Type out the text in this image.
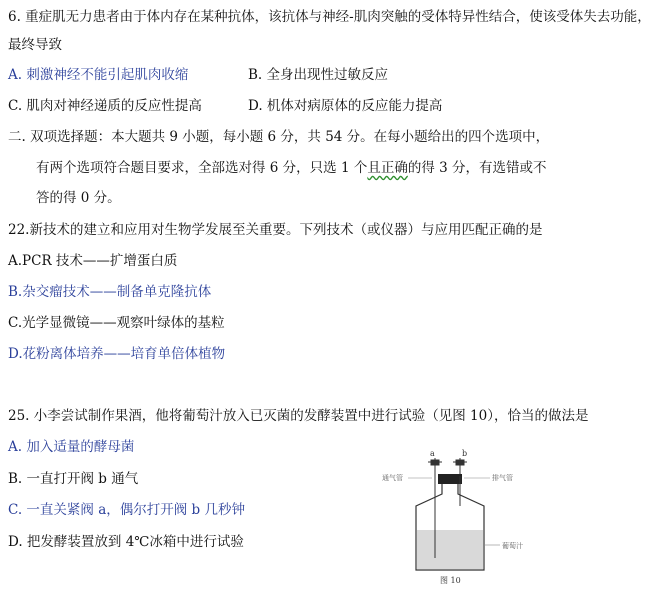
6. 重症肌无力患者由于体内存在某种抗体，该抗体与神经-肌肉突触的受体特异性结合，使该受体失去功能，
最终导致
A. 刺激神经不能引起肌肉收缩	B. 全身出现性过敏反应
C. 肌肉对神经递质的反应性提高	D. 机体对病原体的反应能力提高
二. 双项选择题：本大题共 9 小题，每小题 6 分，共 54 分。在每小题给出的四个选项中，
有两个选项符合题目要求，全部选对得 6 分，只选 1 个且正确的得 3 分，有选错或不
答的得 0 分。
22.新技术的建立和应用对生物学发展至关重要。下列技术（或仪器）与应用匹配正确的是
A.PCR 技术——扩增蛋白质
B.杂交瘤技术——制备单克隆抗体
C.光学显微镜——观察叶绿体的基粒
D.花粉离体培养——培育单倍体植物
25. 小李尝试制作果酒，他将葡萄汁放入已灭菌的发酵装置中进行试验（见图 10），恰当的做法是
A. 加入适量的酵母菌
B. 一直打开阀 b 通气
C. 一直关紧阀 a，偶尔打开阀 b 几秒钟
D. 把发酵装置放到 4℃冰箱中进行试验
a	b
通气管	排气管
葡萄汁
图 10
